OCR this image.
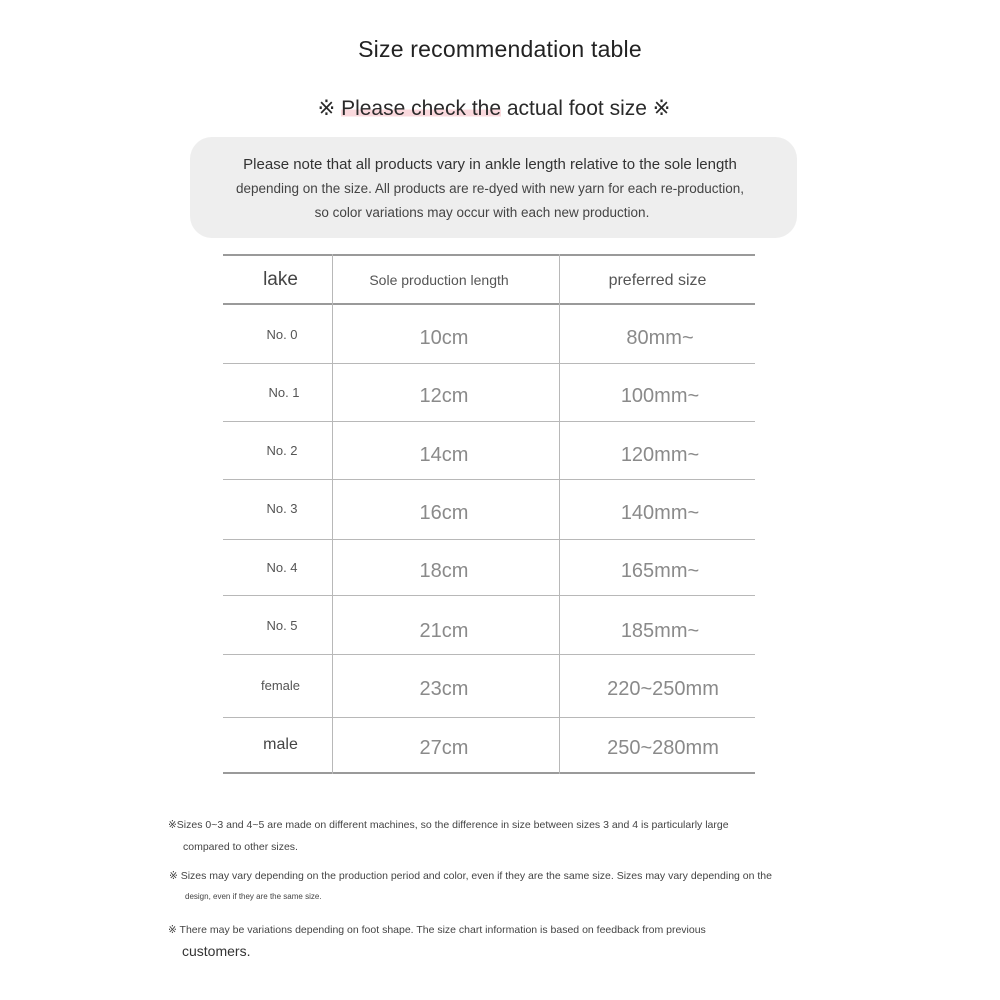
Size recommendation table
※ Please check the actual foot size ※
Please note that all products vary in ankle length relative to the sole length
depending on the size. All products are re-dyed with new yarn for each re-production,
so color variations may occur with each new production.
lake	Sole production length	preferred size
No. 0	10cm	80mm~
No. 1	12cm	100mm~
No. 2	14cm	120mm~
No. 3	16cm	140mm~
No. 4	18cm	165mm~
No. 5	21cm	185mm~
female	23cm	220~250mm
male	27cm	250~280mm
※Sizes 0~3 and 4~5 are made on different machines, so the difference in size between sizes 3 and 4 is particularly large
compared to other sizes.
※ Sizes may vary depending on the production period and color, even if they are the same size. Sizes may vary depending on the
design, even if they are the same size.
※ There may be variations depending on foot shape. The size chart information is based on feedback from previous
customers.
